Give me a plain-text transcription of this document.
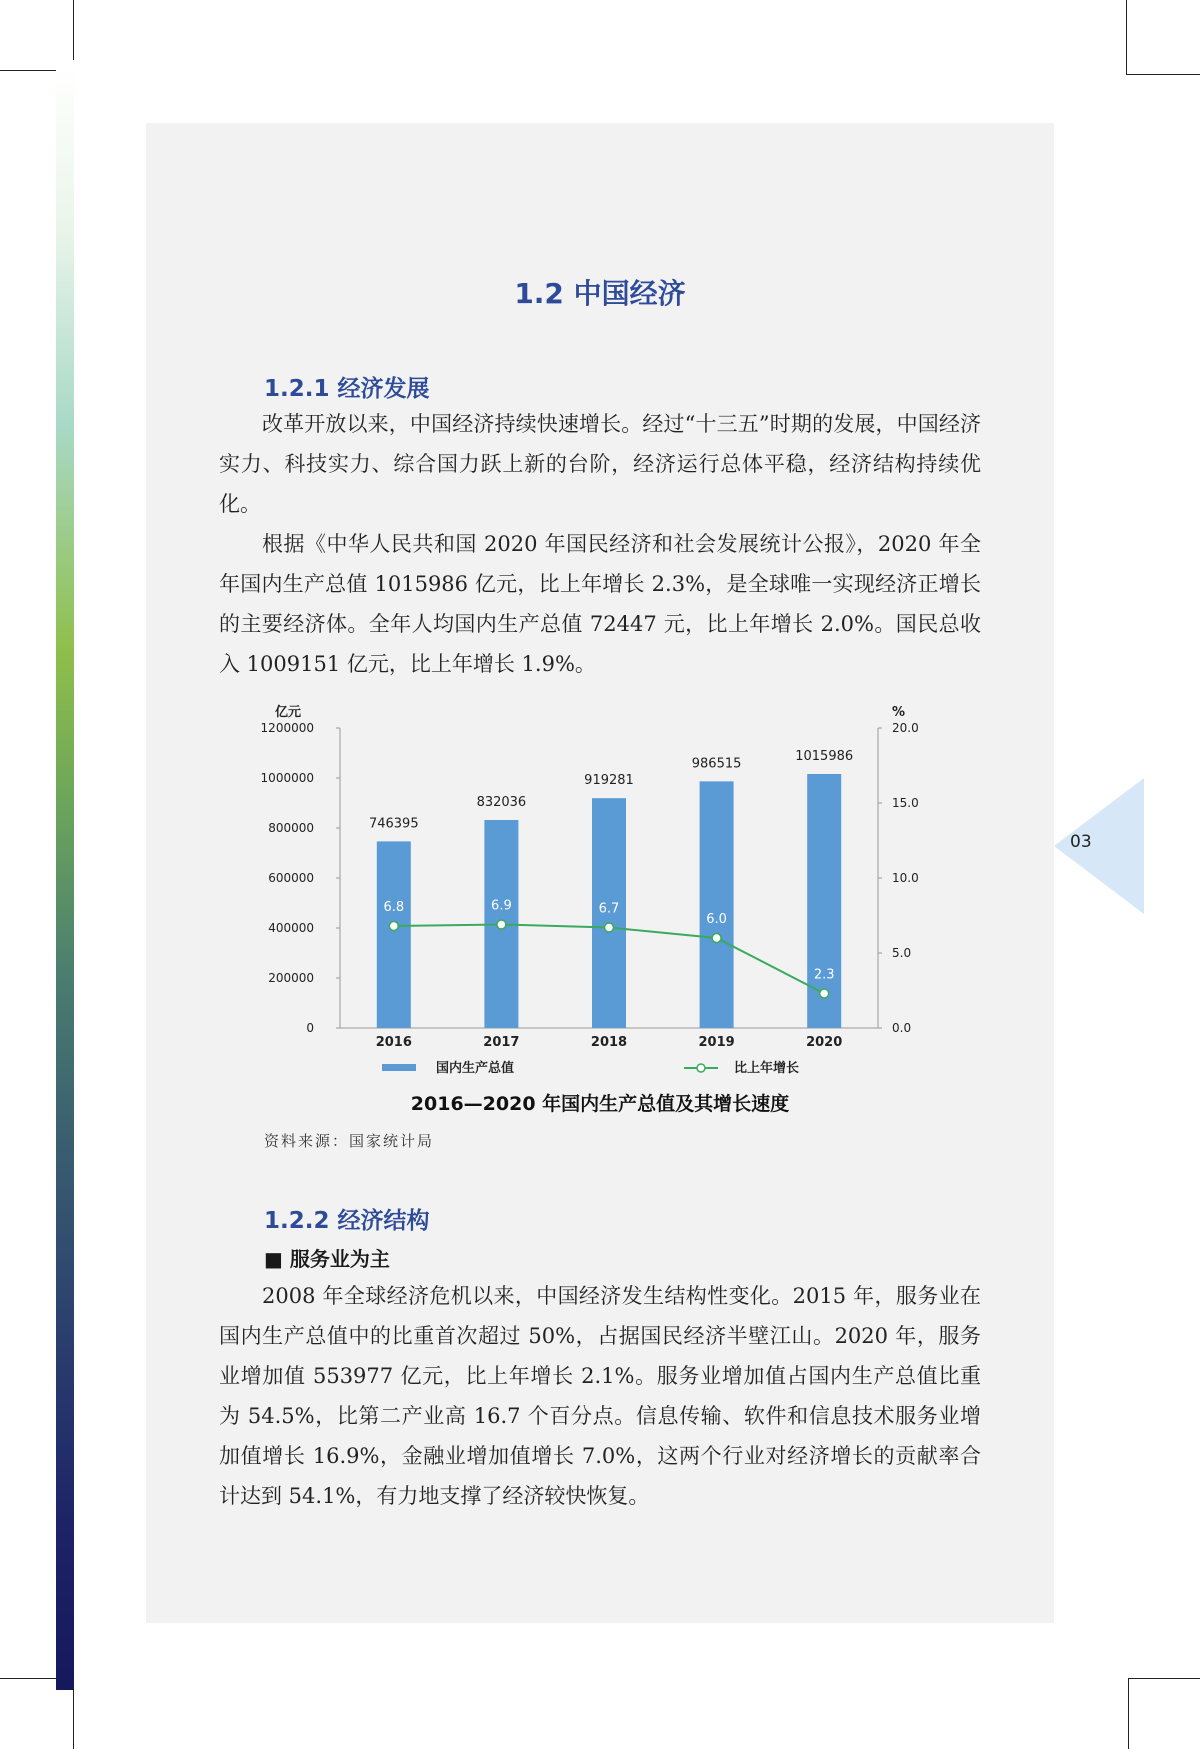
1.2 中国经济
1.2.1 经济发展

改革开放以来，中国经济持续快速增长。经过“十三五”时期的发展，中国经济实力、科技实力、综合国力跃上新的台阶，经济运行总体平稳，经济结构持续优化。

根据《中华人民共和国 2020 年国民经济和社会发展统计公报》，2020 年全年国内生产总值 1015986 亿元，比上年增长 2.3%，是全球唯一实现经济正增长的主要经济体。全年人均国内生产总值 72447 元，比上年增长 2.0%。国民总收入 1009151 亿元，比上年增长 1.9%。

0
200000
400000
600000
800000
1000000
1200000
0.0
5.0
10.0
15.0
20.0
亿元	%
746395
832036
919281
986515	1015986
2016	2017	2018	2019	2020
6.8	6.9	6.7
6.0
2.3
国内生产总值	比上年增长
2016—2020 年国内生产总值及其增长速度
资料来源：国家统计局
1.2.2 经济结构
■ 服务业为主

2008 年全球经济危机以来，中国经济发生结构性变化。2015 年，服务业在国内生产总值中的比重首次超过 50%，占据国民经济半壁江山。2020 年，服务业增加值 553977 亿元，比上年增长 2.1%。服务业增加值占国内生产总值比重为 54.5%，比第二产业高 16.7 个百分点。信息传输、软件和信息技术服务业增加值增长 16.9%，金融业增加值增长 7.0%，这两个行业对经济增长的贡献率合计达到 54.1%，有力地支撑了经济较快恢复。

03
